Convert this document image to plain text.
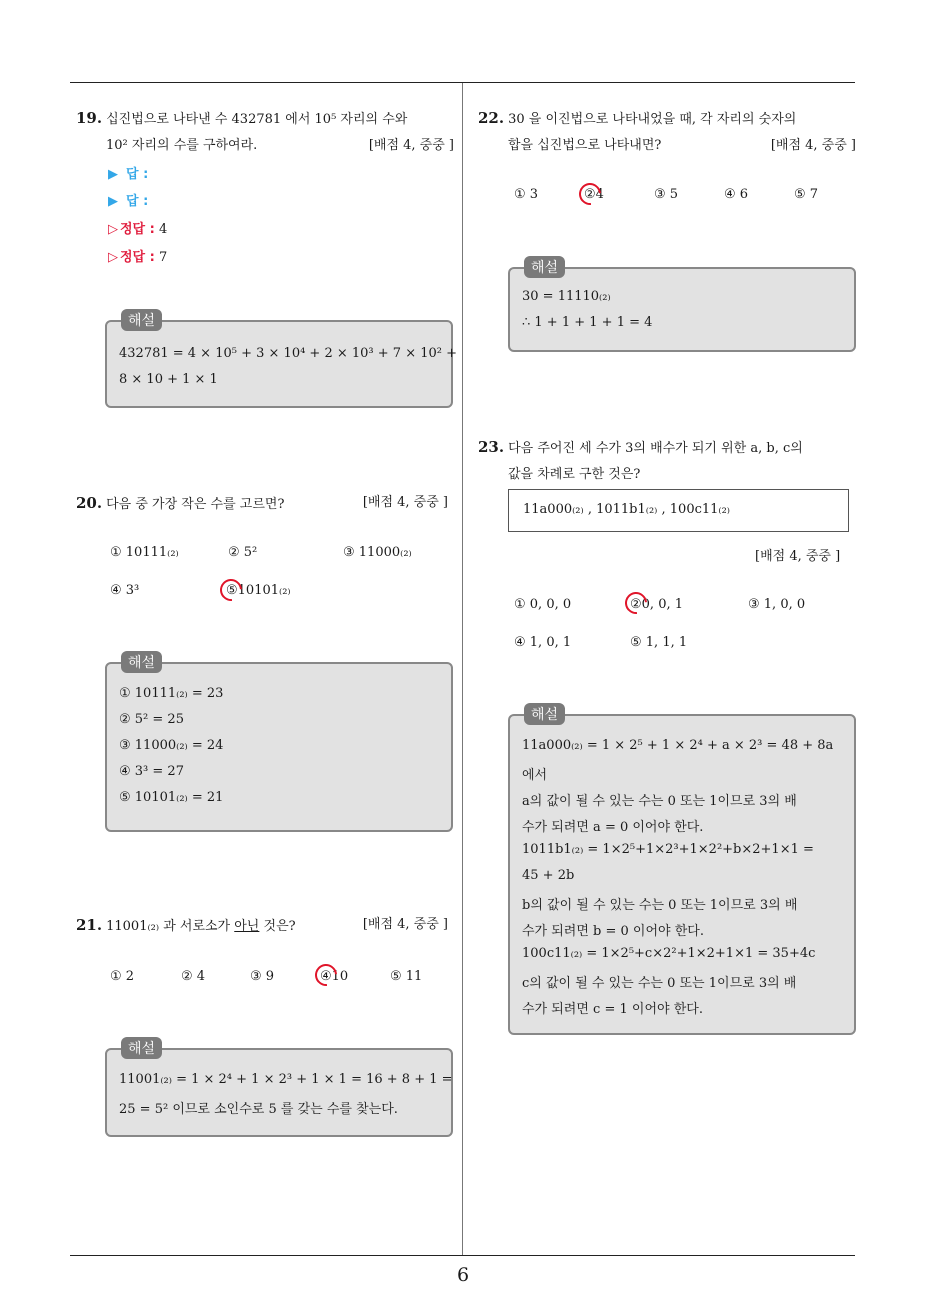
6
19. 십진법으로 나타낸 수 432781 에서 10⁵ 자리의 수와
10² 자리의 수를 구하여라.	[배점 4, 중중 ]
▶ 답 :
▶ 답 :
▷ 정답 : 4
▷ 정답 : 7
해설
432781 = 4 × 10⁵ + 3 × 10⁴ + 2 × 10³ + 7 × 10² +
8 × 10 + 1 × 1
20. 다음 중 가장 작은 수를 고르면?	[배점 4, 중중 ]
① 10111₍₂₎	② 5²	③ 11000₍₂₎
④ 3³	⑤10101₍₂₎
해설
① 10111₍₂₎ = 23
② 5² = 25
③ 11000₍₂₎ = 24
④ 3³ = 27
⑤ 10101₍₂₎ = 21
21. 11001₍₂₎ 과 서로소가 아닌 것은?	[배점 4, 중중 ]
① 2	② 4	③ 9	④10	⑤ 11
해설
11001₍₂₎ = 1 × 2⁴ + 1 × 2³ + 1 × 1 = 16 + 8 + 1 =
25 = 5² 이므로 소인수로 5 를 갖는 수를 찾는다.
22. 30 을 이진법으로 나타내었을 때, 각 자리의 숫자의
합을 십진법으로 나타내면?	[배점 4, 중중 ]
① 3	②4	③ 5	④ 6	⑤ 7
해설
30 = 11110₍₂₎
∴ 1 + 1 + 1 + 1 = 4
23. 다음 주어진 세 수가 3의 배수가 되기 위한 a, b, c의
값을 차례로 구한 것은?
11a000₍₂₎ , 1011b1₍₂₎ , 100c11₍₂₎
[배점 4, 중중 ]
① 0, 0, 0	②0, 0, 1	③ 1, 0, 0
④ 1, 0, 1	⑤ 1, 1, 1
해설
11a000₍₂₎ = 1 × 2⁵ + 1 × 2⁴ + a × 2³ = 48 + 8a
에서
a의 값이 될 수 있는 수는 0 또는 1이므로 3의 배
수가 되려면 a = 0 이어야 한다.
1011b1₍₂₎ = 1×2⁵+1×2³+1×2²+b×2+1×1 =
45 + 2b
b의 값이 될 수 있는 수는 0 또는 1이므로 3의 배
수가 되려면 b = 0 이어야 한다.
100c11₍₂₎ = 1×2⁵+c×2²+1×2+1×1 = 35+4c
c의 값이 될 수 있는 수는 0 또는 1이므로 3의 배
수가 되려면 c = 1 이어야 한다.
